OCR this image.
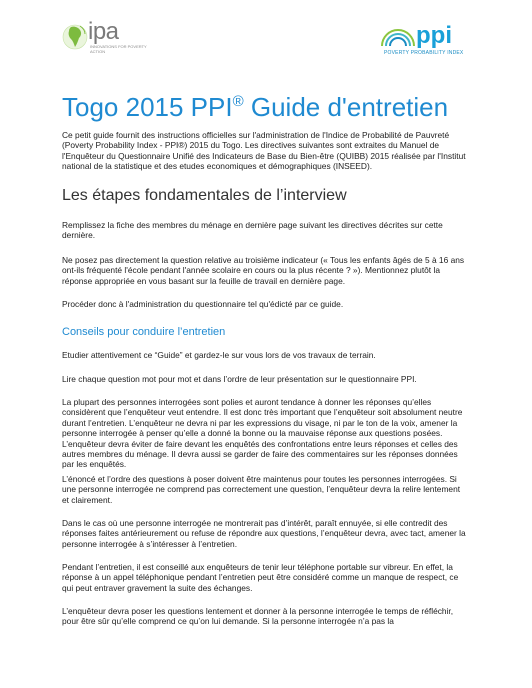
ipa
INNOVATIONS FOR POVERTY ACTION
ppi
POVERTY PROBABILITY INDEX
Togo 2015 PPI® Guide d'entretien

Ce petit guide fournit des instructions officielles sur l'administration de l'Indice de Probabilité de Pauvreté (Poverty Probability Index - PPI®) 2015 du Togo. Les directives suivantes sont extraites du Manuel de l'Enquêteur du Questionnaire Unifié des Indicateurs de Base du Bien-être (QUIBB) 2015 réalisée par l'Institut national de la statistique et des etudes economiques et démographiques (INSEED).

Les étapes fondamentales de l’interview

Remplissez la fiche des membres du ménage en dernière page suivant les directives décrites sur cette dernière.

Ne posez pas directement la question relative au troisième indicateur (« Tous les enfants âgés de 5 à 16 ans ont-ils fréquenté l'école pendant l'année scolaire en cours ou la plus récente ? »). Mentionnez plutôt la réponse appropriée en vous basant sur la feuille de travail en dernière page.

Procéder donc à l'administration du questionnaire tel qu'édicté par ce guide.

Conseils pour conduire l’entretien

Etudier attentivement ce “Guide” et gardez-le sur vous lors de vos travaux de terrain.

Lire chaque question mot pour mot et dans l’ordre de leur présentation sur le questionnaire PPI.

La plupart des personnes interrogées sont polies et auront tendance à donner les réponses qu’elles considèrent que l’enquêteur veut entendre. Il est donc très important que l’enquêteur soit absolument neutre durant l’entretien. L’enquêteur ne devra ni par les expressions du visage, ni par le ton de la voix, amener la personne interrogée à penser qu’elle a donné la bonne ou la mauvaise réponse aux questions posées. L’enquêteur devra éviter de faire devant les enquêtés des confrontations entre leurs réponses et celles des autres membres du ménage. Il devra aussi se garder de faire des commentaires sur les réponses données par les enquêtés.

L’énoncé et l’ordre des questions à poser doivent être maintenus pour toutes les personnes interrogées. Si une personne interrogée ne comprend pas correctement une question, l’enquêteur devra la relire lentement et clairement.

Dans le cas où une personne interrogée ne montrerait pas d’intérêt, paraît ennuyée, si elle contredit des réponses faites antérieurement ou refuse de répondre aux questions, l’enquêteur devra, avec tact, amener la personne interrogée à s’intéresser à l’entretien.

Pendant l’entretien, il est conseillé aux enquêteurs de tenir leur téléphone portable sur vibreur. En effet, la réponse à un appel téléphonique pendant l’entretien peut être considéré comme un manque de respect, ce qui peut entraver gravement la suite des échanges.

L’enquêteur devra poser les questions lentement et donner à la personne interrogée le temps de réfléchir, pour être sûr qu’elle comprend ce qu’on lui demande. Si la personne interrogée n’a pas la
